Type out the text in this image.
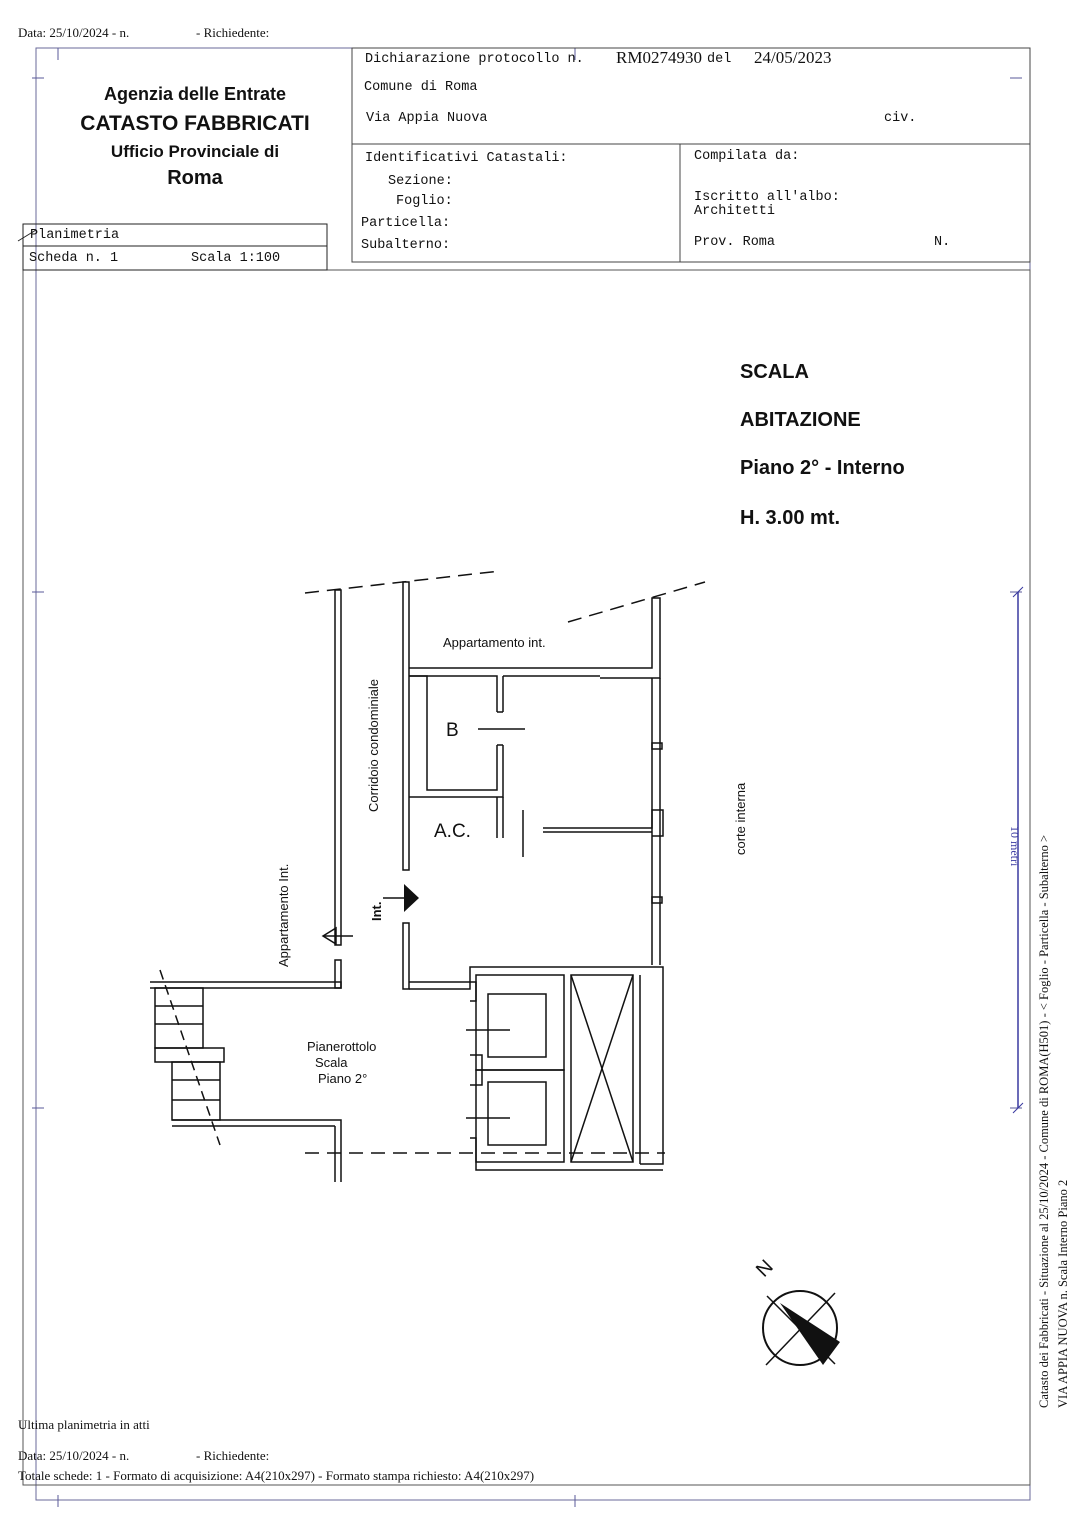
Data: 25/10/2024 - n.	- Richiedente:
Agenzia delle Entrate
CATASTO FABBRICATI
Ufficio Provinciale di
Roma
Dichiarazione protocollo n. RM0274930 del 24/05/2023
Comune di Roma
Via Appia Nuova	civ.
Identificativi Catastali:
Sezione:
Foglio:
Particella:
Subalterno:
Compilata da:
Iscritto all'albo:
Architetti
Prov. Roma	N.
Planimetria
Scheda n. 1	Scala 1:100
SCALA
ABITAZIONE
Piano 2° - Interno
H. 3.00 mt.
Appartamento int.
Corridoio condominiale	B
A.C.
Int.
Appartamento Int.
corte interna
Pianerottolo
Scala
Piano 2°
N
10 metri Catasto dei Fabbricati - Situazione al 25/10/2024 - Comune di ROMA(H501) - < Foglio - Particella - Subalterno > VIA APPIA NUOVA n. Scala Interno Piano 2
Ultima planimetria in atti
Data: 25/10/2024 - n.	- Richiedente:
Totale schede: 1 - Formato di acquisizione: A4(210x297) - Formato stampa richiesto: A4(210x297)
